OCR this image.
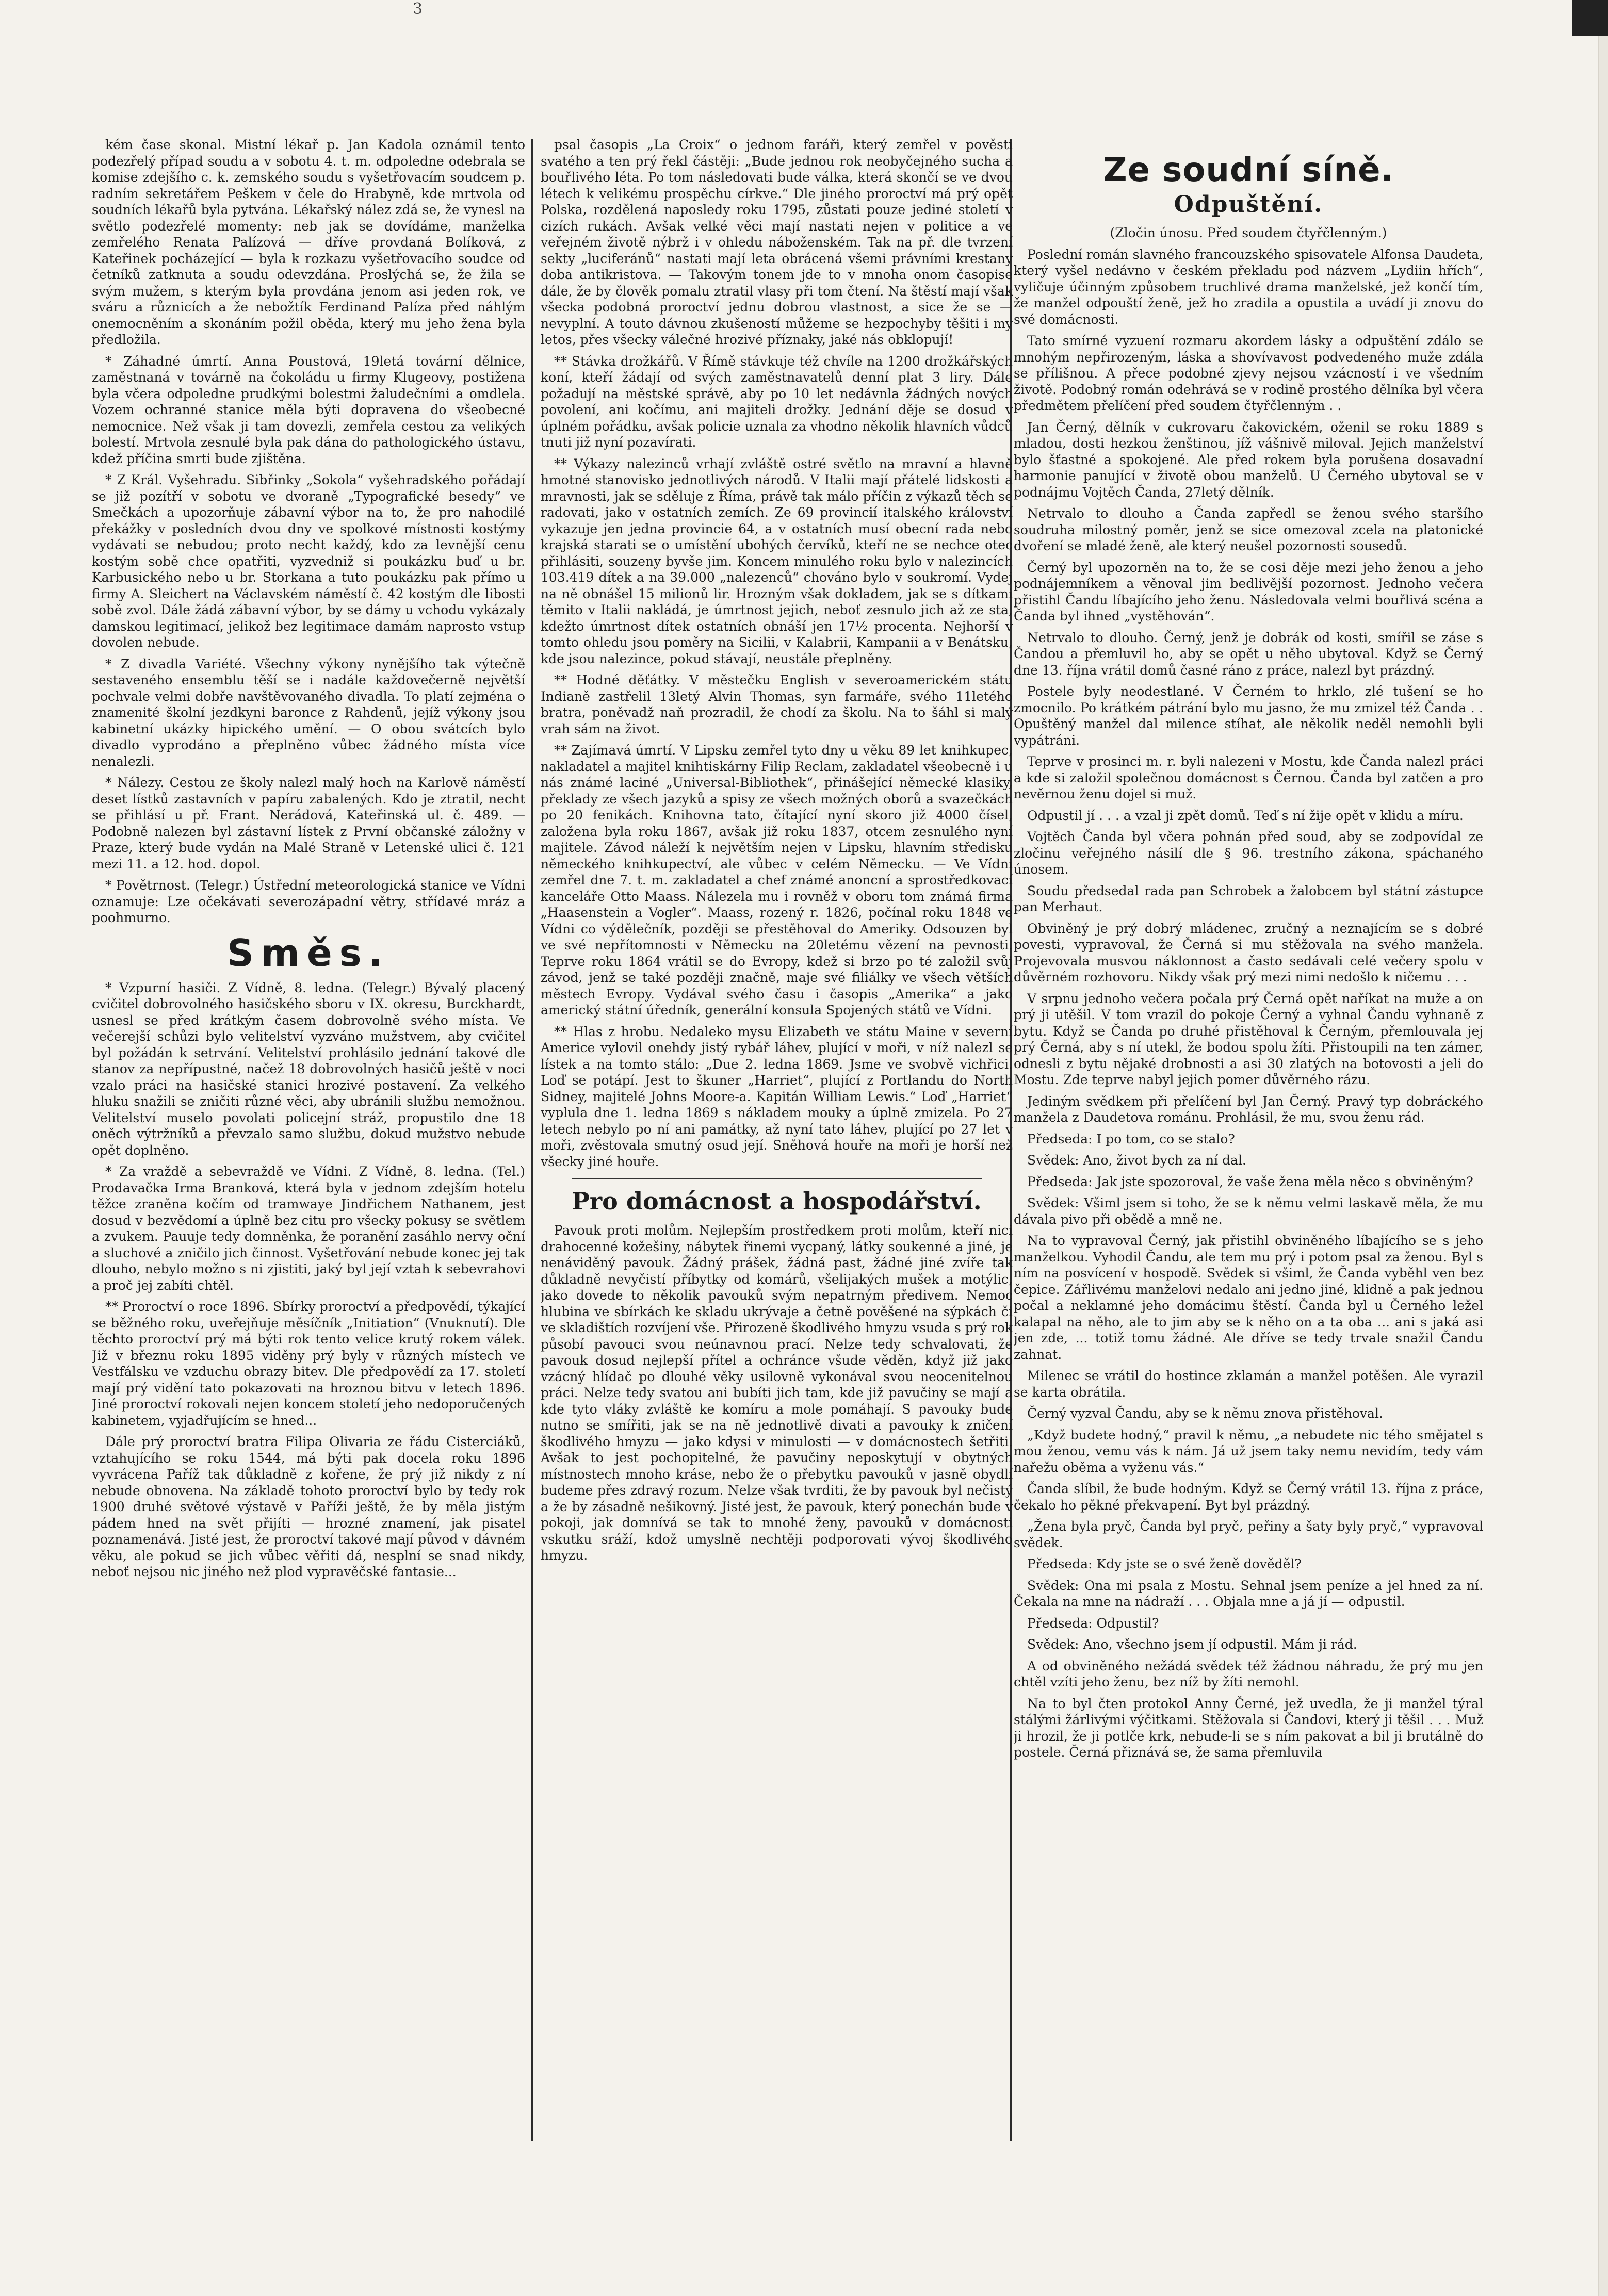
kém čase skonal. Mistní lékař p. Jan Kadola oznámil tento podezřelý případ soudu a v sobotu 4. t. m. odpoledne odebrala se komise zdejšího c. k. zemského soudu s vyšetřovacím soudcem p. radním sekretářem Peškem v čele do Hrabyně, kde mrtvola od soudních lékařů byla pytvána. Lékařský nález zdá se, že vynesl na světlo podezřelé momenty: neb jak se dovídáme, manželka zemřelého Renata Palízová — dříve provdaná Bolíková, z Kateřinek pocházející — byla k rozkazu vyšetřovacího soudce od četníků zatknuta a soudu odevzdána. Proslýchá se, že žila se svým mužem, s kterým byla provdána jenom asi jeden rok, ve sváru a různicích a že nebožtík Ferdinand Palíza před náhlým onemocněním a skonáním požil oběda, který mu jeho žena byla předložila.

* Záhadné úmrtí. Anna Poustová, 19letá tovární dělnice, zaměstnaná v továrně na čokoládu u firmy Klugeovy, postižena byla včera odpoledne prudkými bolestmi žaludečními a omdlela. Vozem ochranné stanice měla býti dopravena do všeobecné nemocnice. Než však ji tam dovezli, zemřela cestou za velikých bolestí. Mrtvola zesnulé byla pak dána do pathologického ústavu, kdež příčina smrti bude zjištěna.

* Z Král. Vyšehradu. Sibřinky „Sokola“ vyšehradského pořádají se již pozítří v sobotu ve dvoraně „Typografické besedy“ ve Smečkách a upozorňuje zábavní výbor na to, že pro nahodilé překážky v posledních dvou dny ve spolkové místnosti kostýmy vydávati se nebudou; proto necht každý, kdo za levnější cenu kostým sobě chce opatřiti, vyzvedniž si poukázku buď u br. Karbusického nebo u br. Storkana a tuto poukázku pak přímo u firmy A. Sleichert na Václavském náměstí č. 42 kostým dle libosti sobě zvol. Dále žádá zábavní výbor, by se dámy u vchodu vykázaly damskou legitimací, jelikož bez legitimace damám naprosto vstup dovolen nebude.

* Z divadla Variété. Všechny výkony nynějšího tak výtečně sestaveného ensemblu těší se i nadále každovečerně největší pochvale velmi dobře navštěvovaného divadla. To platí zejména o znamenité školní jezdkyni baronce z Rahdenů, jejíž výkony jsou kabinetní ukázky hipického umění. — O obou svátcích bylo divadlo vyprodáno a přeplněno vůbec žádného místa více nenalezli.

* Nálezy. Cestou ze školy nalezl malý hoch na Karlově náměstí deset lístků zastavních v papíru zabalených. Kdo je ztratil, necht se přihlásí u př. Frant. Nerádová, Kateřinská ul. č. 489. — Podobně nalezen byl zástavní lístek z První občanské záložny v Praze, který bude vydán na Malé Straně v Letenské ulici č. 121 mezi 11. a 12. hod. dopol.

* Povětrnost. (Telegr.) Ústřední meteorologická stanice ve Vídni oznamuje: Lze očekávati severozápadní větry, střídavé mráz a poohmurno.

Směs.

* Vzpurní hasiči. Z Vídně, 8. ledna. (Telegr.) Bývalý placený cvičitel dobrovolného hasičského sboru v IX. okresu, Burckhardt, usnesl se před krátkým časem dobrovolně svého místa. Ve večerejší schůzi bylo velitelství vyzváno mužstvem, aby cvičitel byl požádán k setrvání. Velitelství prohlásilo jednání takové dle stanov za nepřípustné, načež 18 dobrovolných hasičů ještě v noci vzalo práci na hasičské stanici hrozivé postavení. Za velkého hluku snažili se zničiti různé věci, aby ubránili službu nemožnou. Velitelství muselo povolati policejní stráž, propustilo dne 18 oněch výtržníků a převzalo samo službu, dokud mužstvo nebude opět doplněno.

* Za vraždě a sebevraždě ve Vídni. Z Vídně, 8. ledna. (Tel.) Prodavačka Irma Branková, která byla v jednom zdejším hotelu těžce zraněna kočím od tramwaye Jindřichem Nathanem, jest dosud v bezvědomí a úplně bez citu pro všecky pokusy se světlem a zvukem. Pauuje tedy domněnka, že poranění zasáhlo nervy oční a sluchové a zničilo jich činnost. Vyšetřování nebude konec jej tak dlouho, nebylo možno s ni zjistiti, jaký byl její vztah k sebevrahovi a proč jej zabíti chtěl.

** Proroctví o roce 1896. Sbírky proroctví a předpovědí, týkající se běžného roku, uveřejňuje měsíčník „Initiation“ (Vnuknutí). Dle těchto proroctví prý má býti rok tento velice krutý rokem válek. Již v březnu roku 1895 viděny prý byly v různých místech ve Vestfálsku ve vzduchu obrazy bitev. Dle předpovědí za 17. století mají prý vidění tato pokazovati na hroznou bitvu v letech 1896. Jiné proroctví rokovali nejen koncem století jeho nedoporučených kabinetem, vyjadřujícím se hned...

Dále prý proroctví bratra Filipa Olivaria ze řádu Cisterciáků, vztahujícího se roku 1544, má býti pak docela roku 1896 vyvrácena Paříž tak důkladně z kořene, že prý již nikdy z ní nebude obnovena. Na základě tohoto proroctví bylo by tedy rok 1900 druhé světové výstavě v Paříži ještě, že by měla jistým pádem hned na svět přijíti — hrozné znamení, jak pisatel poznamenává. Jisté jest, že proroctví takové mají původ v dávném věku, ale pokud se jich vůbec věřiti dá, nesplní se snad nikdy, neboť nejsou nic jiného než plod vypravěčské fantasie...

psal časopis „La Croix“ o jednom faráři, který zemřel v pověsti svatého a ten prý řekl částěji: „Bude jednou rok neobyčejného sucha a bouřlivého léta. Po tom následovati bude válka, která skončí se ve dvou létech k velikému prospěchu církve.“ Dle jiného proroctví má prý opět Polska, rozdělená naposledy roku 1795, zůstati pouze jediné století v cizích rukách. Avšak velké věci mají nastati nejen v politice a ve veřejném životě nýbrž i v ohledu náboženském. Tak na př. dle tvrzení sekty „luciferánů“ nastati mají leta obrácená všemi právními krestany doba antikristova. — Takovým tonem jde to v mnoha onom časopise dále, že by člověk pomalu ztratil vlasy při tom čtení. Na štěstí mají však všecka podobná proroctví jednu dobrou vlastnost, a sice že se — nevyplní. A touto dávnou zkušeností můžeme se hezpochyby těšiti i my letos, přes všecky válečné hrozivé příznaky, jaké nás obklopují!

** Stávka drožkářů. V Římě stávkuje též chvíle na 1200 drožkářských koní, kteří žádají od svých zaměstnavatelů denní plat 3 liry. Dále požadují na městské správě, aby po 10 let nedávnla žádných nových povolení, ani kočímu, ani majiteli drožky. Jednání děje se dosud v úplném pořádku, avšak policie uznala za vhodno několik hlavních vůdců tnuti již nyní pozavírati.

** Výkazy nalezinců vrhají zvláště ostré světlo na mravní a hlavně hmotné stanovisko jednotlivých národů. V Italii mají přátelé lidskosti a mravnosti, jak se sděluje z Říma, právě tak málo příčin z výkazů těch se radovati, jako v ostatních zemích. Ze 69 provincií italského království vykazuje jen jedna provincie 64, a v ostatních musí obecní rada nebo krajská starati se o umístění ubohých červíků, kteří ne se nechce otec přihlásiti, souzeny byvše jim. Koncem minulého roku bylo v nalezincích 103.419 dítek a na 39.000 „nalezenců“ chováno bylo v soukromí. Vydej na ně obnášel 15 milionů lir. Hrozným však dokladem, jak se s dítkami těmito v Italii nakládá, je úmrtnost jejich, neboť zesnulo jich až ze sta, kdežto úmrtnost dítek ostatních obnáší jen 17½ procenta. Nejhorší v tomto ohledu jsou poměry na Sicilii, v Kalabrii, Kampanii a v Benátsku, kde jsou nalezince, pokud stávají, neustále přeplněny.

** Hodné děťátky. V městečku English v severoamerickém státu Indianě zastřelil 13letý Alvin Thomas, syn farmáře, svého 11letého bratra, poněvadž naň prozradil, že chodí za školu. Na to šáhl si malý vrah sám na život.

** Zajímavá úmrtí. V Lipsku zemřel tyto dny u věku 89 let knihkupec, nakladatel a majitel knihtiskárny Filip Reclam, zakladatel všeobecně i u nás známé laciné „Universal-Bibliothek“, přinášející německé klasiky, překlady ze všech jazyků a spisy ze všech možných oborů a svazečkách po 20 fenikách. Knihovna tato, čítající nyní skoro již 4000 čísel, založena byla roku 1867, avšak již roku 1837, otcem zesnulého nyní majitele. Závod náleží k největším nejen v Lipsku, hlavním středisku německého knihkupectví, ale vůbec v celém Německu. — Ve Vídni zemřel dne 7. t. m. zakladatel a chef známé anoncní a sprostředkovací kanceláře Otto Maass. Nálezela mu i rovněž v oboru tom známá firma „Haasenstein a Vogler“. Maass, rozený r. 1826, počínal roku 1848 ve Vídni co výdělečník, později se přestěhoval do Ameriky. Odsouzen byl ve své nepřítomnosti v Německu na 20letému vězení na pevnosti. Teprve roku 1864 vrátil se do Evropy, kdež si brzo po té založil svůj závod, jenž se také později značně, maje své filiálky ve všech větších městech Evropy. Vydával svého času i časopis „Amerika“ a jako americký státní úředník, generální konsula Spojených států ve Vídni.

** Hlas z hrobu. Nedaleko mysu Elizabeth ve státu Maine v severní Americe vylovil onehdy jistý rybář láhev, plující v moři, v níž nalezl se lístek a na tomto stálo: „Due 2. ledna 1869. Jsme ve svobvě vichřici. Loď se potápí. Jest to škuner „Harriet“, plující z Portlandu do North Sidney, majitelé Johns Moore-a. Kapitán William Lewis.“ Loď „Harriet“ vyplula dne 1. ledna 1869 s nákladem mouky a úplně zmizela. Po 27 letech nebylo po ní ani památky, až nyní tato láhev, plující po 27 let v moři, zvěstovala smutný osud její. Sněhová houře na moři je horší než všecky jiné houře.

Pro domácnost a hospodářství.

Pavouk proti molům. Nejlepším prostředkem proti molům, kteří nici drahocenné kožešiny, nábytek řinemi vycpaný, látky soukenné a jiné, je nenáviděný pavouk. Žádný prášek, žádná past, žádné jiné zvíře tak důkladně nevyčistí příbytky od komárů, všelijakých mušek a motýlic, jako dovede to několik pavouků svým nepatrným předivem. Nemoc hlubina ve sbírkách ke skladu ukrývaje a četně pověšené na sýpkách či ve skladištích rozvíjení vše. Přirozeně škodlivého hmyzu vsuda s prý rok působí pavouci svou neúnavnou prací. Nelze tedy schvalovati, že pavouk dosud nejlepší přítel a ochránce všude věděn, když již jako vzácný hlídač po dlouhé věky usilovně vykonával svou neocenitelnou práci. Nelze tedy svatou ani bubíti jich tam, kde již pavučiny se mají a kde tyto vláky zvláště ke komíru a mole pomáhají. S pavouky bude nutno se smířiti, jak se na ně jednotlivě divati a pavouky k zničení škodlivého hmyzu — jako kdysi v minulosti — v domácnostech šetřiti. Avšak to jest pochopitelné, že pavučiny neposkytují v obytných místnostech mnoho kráse, nebo že o přebytku pavouků v jasně obydlí budeme přes zdravý rozum. Nelze však tvrditi, že by pavouk byl nečistý a že by zásadně nešikovný. Jisté jest, že pavouk, který ponechán bude v pokoji, jak domnívá se tak to mnohé ženy, pavouků v domácnosti vskutku sráží, kdož umyslně nechtěji podporovati vývoj škodlivého hmyzu.

Ze soudní síně.
Odpuštění.

(Zločin únosu. Před soudem čtyřčlenným.)

Poslední román slavného francouzského spisovatele Alfonsa Daudeta, který vyšel nedávno v českém překladu pod názvem „Lydiin hřích“, vyličuje účinným způsobem truchlivé drama manželské, jež končí tím, že manžel odpouští ženě, jež ho zradila a opustila a uvádí ji znovu do své domácnosti.

Tato smírné vyzuení rozmaru akordem lásky a odpuštění zdálo se mnohým nepřirozeným, láska a shovívavost podvedeného muže zdála se přílišnou. A přece podobné zjevy nejsou vzácností i ve všedním životě. Podobný román odehrává se v rodině prostého dělníka byl včera předmětem přelíčení před soudem čtyřčlenným . .

Jan Černý, dělník v cukrovaru čakovickém, oženil se roku 1889 s mladou, dosti hezkou ženštinou, jíž vášnivě miloval. Jejich manželství bylo šťastné a spokojené. Ale před rokem byla porušena dosavadní harmonie panující v životě obou manželů. U Černého ubytoval se v podnájmu Vojtěch Čanda, 27letý dělník.

Netrvalo to dlouho a Čanda zapředl se ženou svého staršího soudruha milostný poměr, jenž se sice omezoval zcela na platonické dvoření se mladé ženě, ale který neušel pozornosti sousedů.

Černý byl upozorněn na to, že se cosi děje mezi jeho ženou a jeho podnájemníkem a věnoval jim bedlivější pozornost. Jednoho večera přistihl Čandu líbajícího jeho ženu. Následovala velmi bouřlivá scéna a Čanda byl ihned „vystěhován“.

Netrvalo to dlouho. Černý, jenž je dobrák od kosti, smířil se záse s Čandou a přemluvil ho, aby se opět u něho ubytoval. Když se Černý dne 13. října vrátil domů časné ráno z práce, nalezl byt prázdný.

Postele byly neodestlané. V Černém to hrklo, zlé tušení se ho zmocnilo. Po krátkém pátrání bylo mu jasno, že mu zmizel též Čanda . . Opuštěný manžel dal milence stíhat, ale několik neděl nemohli byli vypátráni.

Teprve v prosinci m. r. byli nalezeni v Mostu, kde Čanda nalezl práci a kde si založil společnou domácnost s Černou. Čanda byl zatčen a pro nevěrnou ženu dojel si muž.

Odpustil jí . . . a vzal ji zpět domů. Teď s ní žije opět v klidu a míru.

Vojtěch Čanda byl včera pohnán před soud, aby se zodpovídal ze zločinu veřejného násilí dle § 96. trestního zákona, spáchaného únosem.

Soudu předsedal rada pan Schrobek a žalobcem byl státní zástupce pan Merhaut.

Obviněný je prý dobrý mládenec, zručný a neznajícím se s dobré povesti, vypravoval, že Černá si mu stěžovala na svého manžela. Projevovala musvou náklonnost a často sedávali celé večery spolu v důvěrném rozhovoru. Nikdy však prý mezi nimi nedošlo k ničemu . . .

V srpnu jednoho večera počala prý Černá opět naříkat na muže a on prý ji utěšil. V tom vrazil do pokoje Černý a vyhnal Čandu vyhnaně z bytu. Když se Čanda po druhé přistěhoval k Černým, přemlouvala jej prý Černá, aby s ní utekl, že bodou spolu žíti. Přistoupili na ten zámer, odnesli z bytu nějaké drobnosti a asi 30 zlatých na botovosti a jeli do Mostu. Zde teprve nabyl jejich pomer důvěrného rázu.

Jediným svědkem při přelíčení byl Jan Černý. Pravý typ dobráckého manžela z Daudetova románu. Prohlásil, že mu, svou ženu rád.

Předseda: I po tom, co se stalo?

Svědek: Ano, život bych za ní dal.

Předseda: Jak jste spozoroval, že vaše žena měla něco s obviněným?

Svědek: Všiml jsem si toho, že se k němu velmi laskavě měla, že mu dávala pivo při obědě a mně ne.

Na to vypravoval Černý, jak přistihl obviněného líbajícího se s jeho manželkou. Vyhodil Čandu, ale tem mu prý i potom psal za ženou. Byl s ním na posvícení v hospodě. Svědek si všiml, že Čanda vyběhl ven bez čepice. Zářlivému manželovi nedalo ani jedno jiné, klidně a pak jednou počal a neklamné jeho domácimu štěstí. Čanda byl u Černého ležel kalapal na něho, ale to jim aby se k něho on a ta oba ... ani s jaká asi jen zde, ... totiž tomu žádné. Ale dříve se tedy trvale snažil Čandu zahnat.

Milenec se vrátil do hostince zklamán a manžel potěšen. Ale vyrazil se karta obrátila.

Černý vyzval Čandu, aby se k němu znova přistěhoval.

„Když budete hodný,“ pravil k němu, „a nebudete nic tého smějatel s mou ženou, vemu vás k nám. Já už jsem taky nemu nevidím, tedy vám nařežu oběma a vyženu vás.“

Čanda slíbil, že bude hodným. Když se Černý vrátil 13. října z práce, čekalo ho pěkné překvapení. Byt byl prázdný.

„Žena byla pryč, Čanda byl pryč, peřiny a šaty byly pryč,“ vypravoval svědek.

Předseda: Kdy jste se o své ženě dověděl?

Svědek: Ona mi psala z Mostu. Sehnal jsem peníze a jel hned za ní. Čekala na mne na nádraží . . . Objala mne a já jí — odpustil.

Předseda: Odpustil?

Svědek: Ano, všechno jsem jí odpustil. Mám ji rád.

A od obviněného nežádá svědek též žádnou náhradu, že prý mu jen chtěl vzíti jeho ženu, bez níž by žíti nemohl.

Na to byl čten protokol Anny Černé, jež uvedla, že ji manžel týral stálými žárlivými výčitkami. Stěžovala si Čandovi, který ji těšil . . . Muž ji hrozil, že ji potlče krk, nebude-li se s ním pakovat a bil ji brutálně do postele. Černá přiznává se, že sama přemluvila

3
